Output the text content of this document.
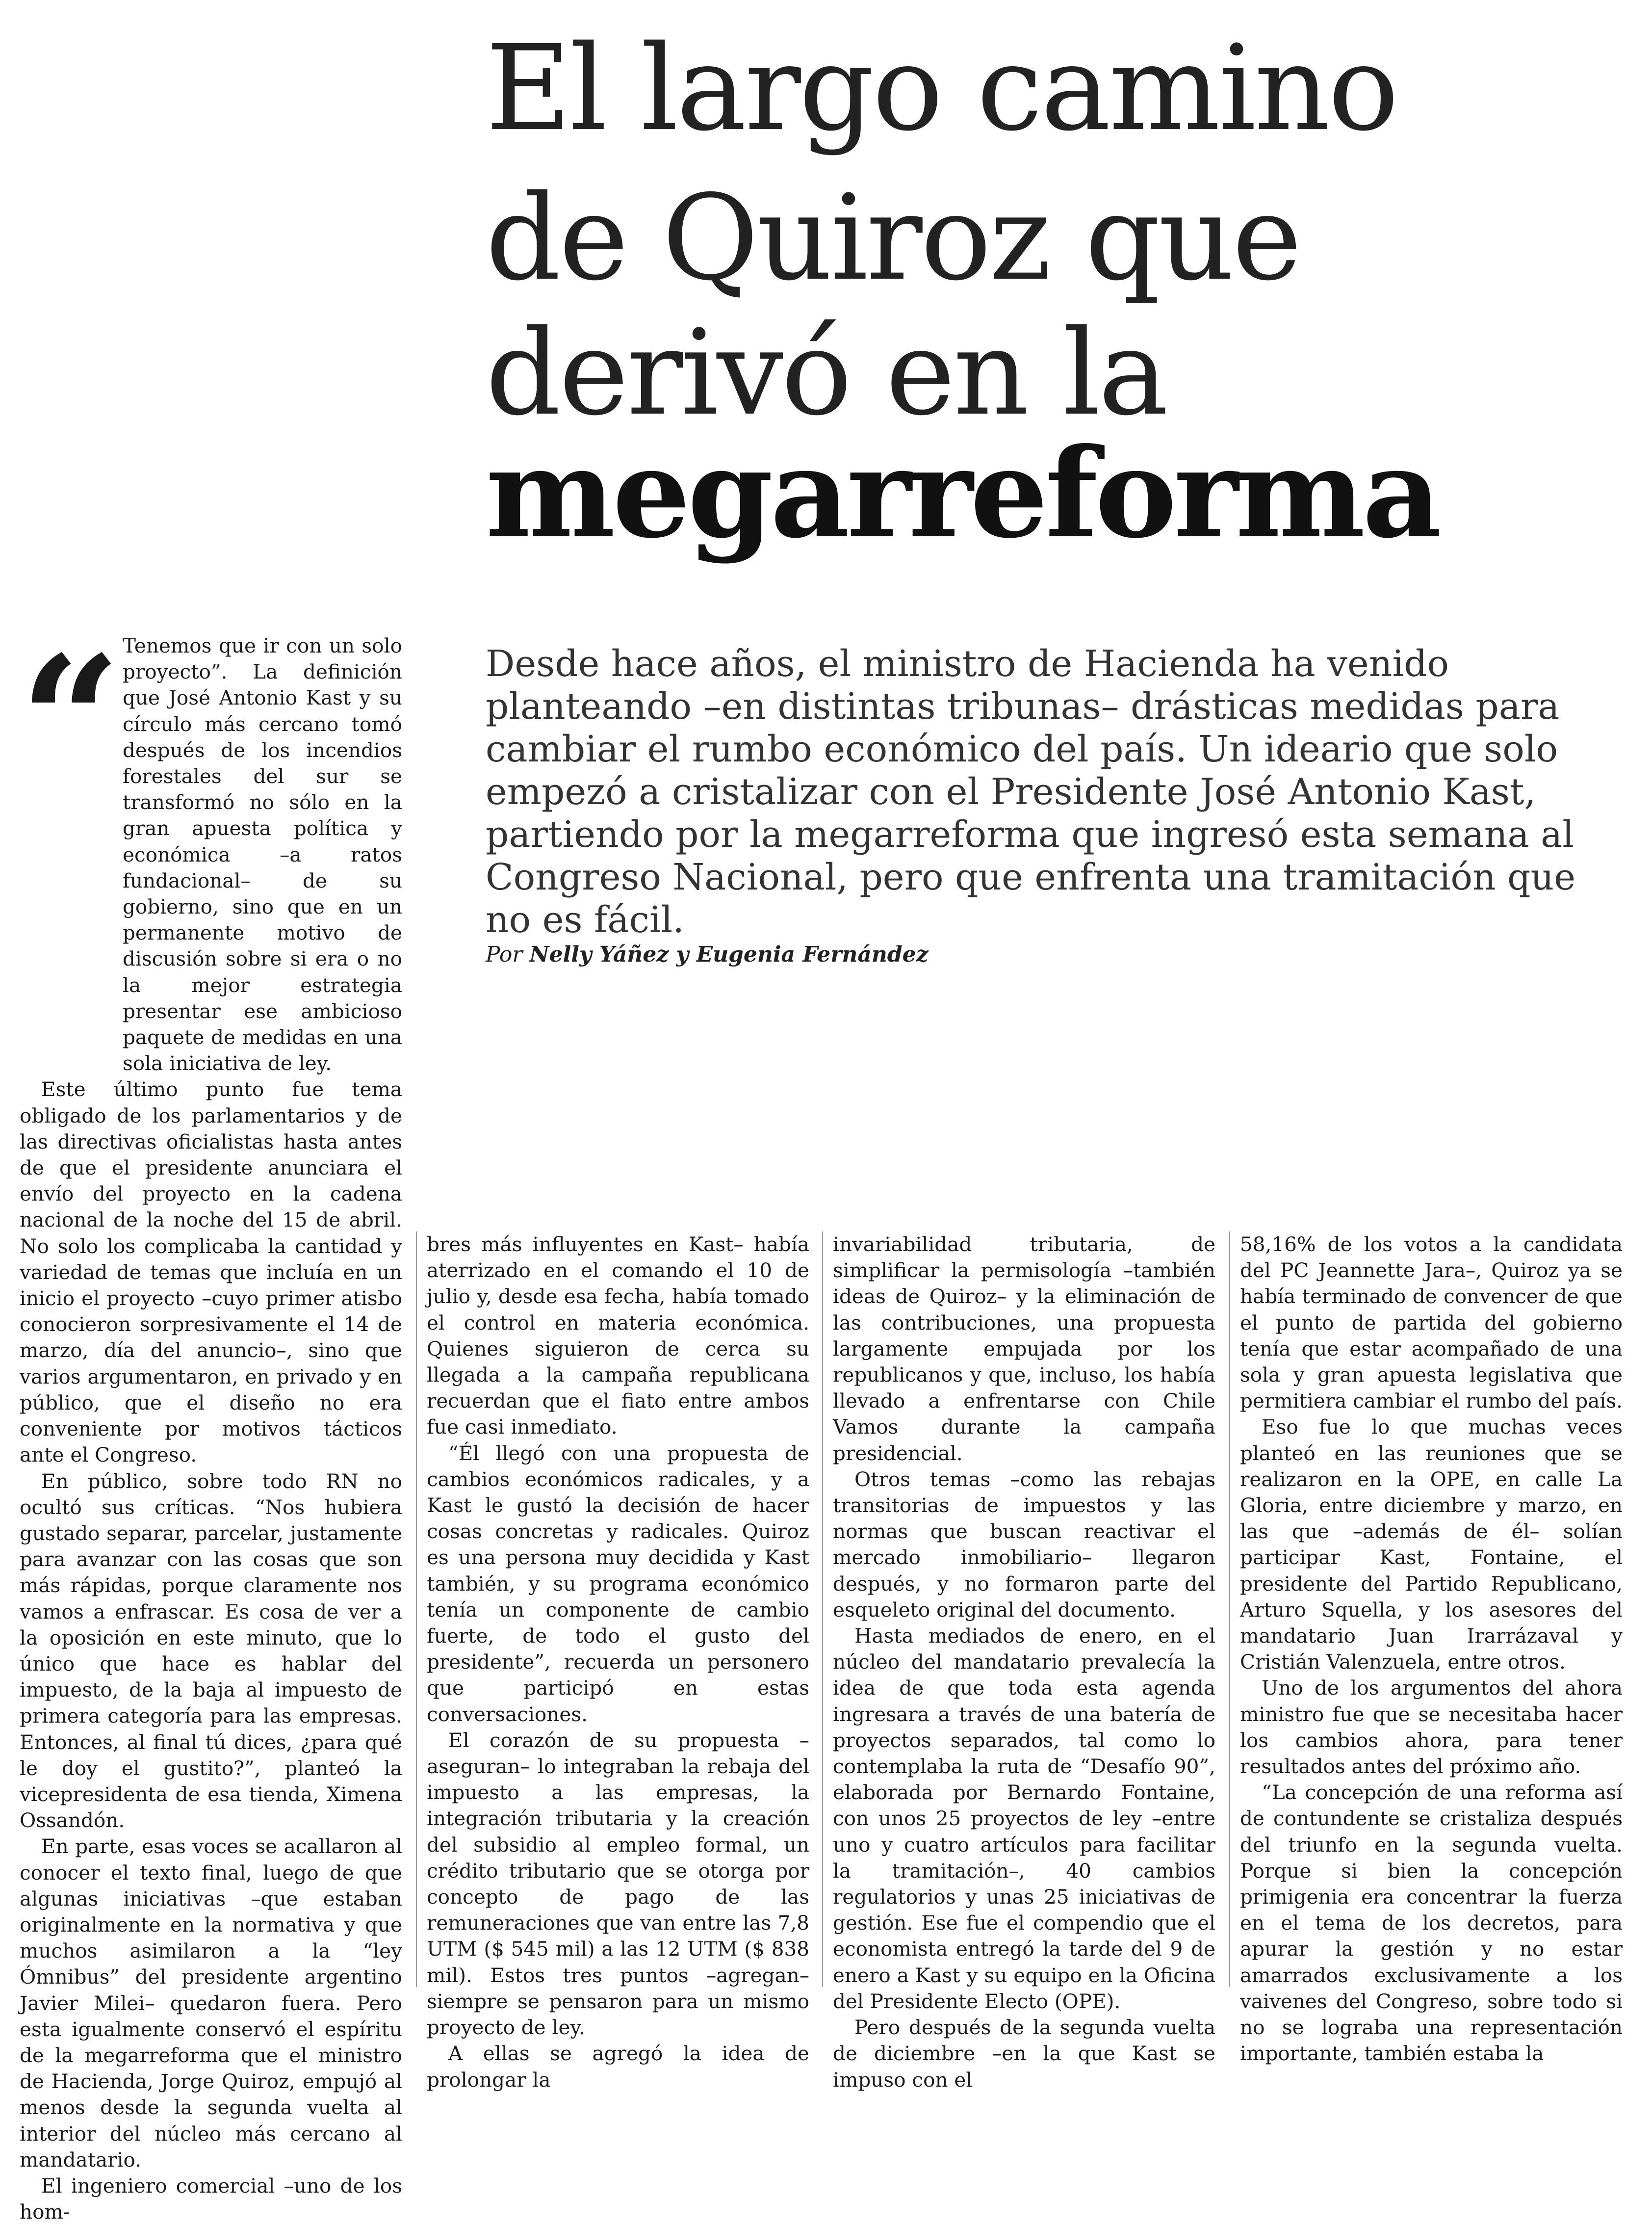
El largo camino
de Quiroz que
derivó en la
megarreforma
Desde hace años, el ministro de Hacienda ha venido planteando –en distintas tribunas– drásticas medidas para cambiar el rumbo económico del país. Un ideario que solo empezó a cristalizar con el Presidente José Antonio Kast, partiendo por la megarreforma que ingresó esta semana al Congreso Nacional, pero que enfrenta una tramitación que no es fácil.
Por Nelly Yáñez y Eugenia Fernández
“ Tenemos que ir con un solo proyecto”. La definición que José Antonio Kast y su círculo más cercano tomó después de los incendios forestales del sur se transformó no sólo en la gran apuesta política y económica –a ratos fundacional– de su gobierno, sino que en un permanente motivo de discusión sobre si era o no la mejor estrategia presentar ese ambicioso paquete de medidas en una sola iniciativa de ley.

Este último punto fue tema obligado de los parlamentarios y de las directivas oficialistas hasta antes de que el presidente anunciara el envío del proyecto en la cadena nacional de la noche del 15 de abril. No solo los complicaba la cantidad y variedad de temas que incluía en un inicio el proyecto –cuyo primer atisbo conocieron sorpresivamente el 14 de marzo, día del anuncio–, sino que varios argumentaron, en privado y en público, que el diseño no era conveniente por motivos tácticos ante el Congreso.

En público, sobre todo RN no ocultó sus críticas. “Nos hubiera gustado separar, parcelar, justamente para avanzar con las cosas que son más rápidas, porque claramente nos vamos a enfrascar. Es cosa de ver a la oposición en este minuto, que lo único que hace es hablar del impuesto, de la baja al impuesto de primera categoría para las empresas. Entonces, al final tú dices, ¿para qué le doy el gustito?”, planteó la vicepresidenta de esa tienda, Ximena Ossandón.

En parte, esas voces se acallaron al conocer el texto final, luego de que algunas iniciativas –que estaban originalmente en la normativa y que muchos asimilaron a la “ley Ómnibus” del presidente argentino Javier Milei– quedaron fuera. Pero esta igualmente conservó el espíritu de la megarreforma que el ministro de Hacienda, Jorge Quiroz, empujó al menos desde la segunda vuelta al interior del núcleo más cercano al mandatario.

El ingeniero comercial –uno de los hom-

bres más influyentes en Kast– había aterrizado en el comando el 10 de julio y, desde esa fecha, había tomado el control en materia económica. Quienes siguieron de cerca su llegada a la campaña republicana recuerdan que el fiato entre ambos fue casi inmediato.

“Él llegó con una propuesta de cambios económicos radicales, y a Kast le gustó la decisión de hacer cosas concretas y radicales. Quiroz es una persona muy decidida y Kast también, y su programa económico tenía un componente de cambio fuerte, de todo el gusto del presidente”, recuerda un personero que participó en estas conversaciones.

El corazón de su propuesta –aseguran– lo integraban la rebaja del impuesto a las empresas, la integración tributaria y la creación del subsidio al empleo formal, un crédito tributario que se otorga por concepto de pago de las remuneraciones que van entre las 7,8 UTM ($ 545 mil) a las 12 UTM ($ 838 mil). Estos tres puntos –agregan– siempre se pensaron para un mismo proyecto de ley.

A ellas se agregó la idea de prolongar la

invariabilidad tributaria, de simplificar la permisología –también ideas de Quiroz– y la eliminación de las contribuciones, una propuesta largamente empujada por los republicanos y que, incluso, los había llevado a enfrentarse con Chile Vamos durante la campaña presidencial.

Otros temas –como las rebajas transitorias de impuestos y las normas que buscan reactivar el mercado inmobiliario– llegaron después, y no formaron parte del esqueleto original del documento.

Hasta mediados de enero, en el núcleo del mandatario prevalecía la idea de que toda esta agenda ingresara a través de una batería de proyectos separados, tal como lo contemplaba la ruta de “Desafío 90”, elaborada por Bernardo Fontaine, con unos 25 proyectos de ley –entre uno y cuatro artículos para facilitar la tramitación–, 40 cambios regulatorios y unas 25 iniciativas de gestión. Ese fue el compendio que el economista entregó la tarde del 9 de enero a Kast y su equipo en la Oficina del Presidente Electo (OPE).

Pero después de la segunda vuelta de diciembre –en la que Kast se impuso con el

58,16% de los votos a la candidata del PC Jeannette Jara–, Quiroz ya se había terminado de convencer de que el punto de partida del gobierno tenía que estar acompañado de una sola y gran apuesta legislativa que permitiera cambiar el rumbo del país.

Eso fue lo que muchas veces planteó en las reuniones que se realizaron en la OPE, en calle La Gloria, entre diciembre y marzo, en las que –además de él– solían participar Kast, Fontaine, el presidente del Partido Republicano, Arturo Squella, y los asesores del mandatario Juan Irarrázaval y Cristián Valenzuela, entre otros.

Uno de los argumentos del ahora ministro fue que se necesitaba hacer los cambios ahora, para tener resultados antes del próximo año.

“La concepción de una reforma así de contundente se cristaliza después del triunfo en la segunda vuelta. Porque si bien la concepción primigenia era concentrar la fuerza en el tema de los decretos, para apurar la gestión y no estar amarrados exclusivamente a los vaivenes del Congreso, sobre todo si no se lograba una representación importante, también estaba la
